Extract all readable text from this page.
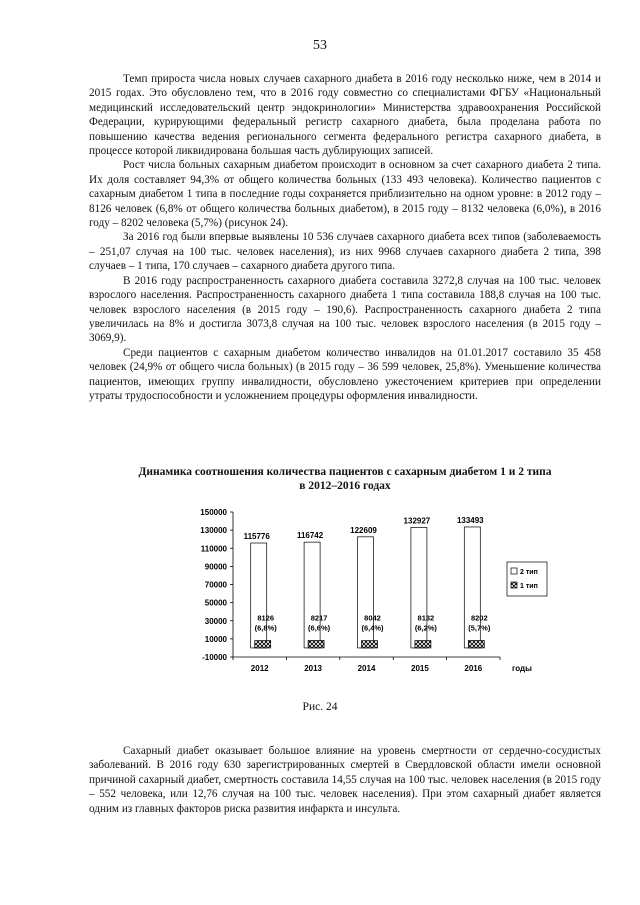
53

Темп прироста числа новых случаев сахарного диабета в 2016 году несколько ниже, чем в 2014 и 2015 годах. Это обусловлено тем, что в 2016 году совместно со специалистами ФГБУ «Национальный медицинский исследовательский центр эндокринологии» Министерства здравоохранения Российской Федерации, курирующими федеральный регистр сахарного диабета, была проделана работа по повышению качества ведения регионального сегмента федерального регистра сахарного диабета, в процессе которой ликвидирована большая часть дублирующих записей.

Рост числа больных сахарным диабетом происходит в основном за счет сахарного диабета 2 типа. Их доля составляет 94,3% от общего количества больных (133 493 человека). Количество пациентов с сахарным диабетом 1 типа в последние годы сохраняется приблизительно на одном уровне: в 2012 году – 8126 человек (6,8% от общего количества больных диабетом), в 2015 году – 8132 человека (6,0%), в 2016 году – 8202 человека (5,7%) (рисунок 24).

За 2016 год были впервые выявлены 10 536 случаев сахарного диабета всех типов (заболеваемость – 251,07 случая на 100 тыс. человек населения), из них 9968 случаев сахарного диабета 2 типа, 398 случаев – 1 типа, 170 случаев – сахарного диабета другого типа.

В 2016 году распространенность сахарного диабета составила 3272,8 случая на 100 тыс. человек взрослого населения. Распространенность сахарного диабета 1 типа составила 188,8 случая на 100 тыс. человек взрослого населения (в 2015 году – 190,6). Распространенность сахарного диабета 2 типа увеличилась на 8% и достигла 3073,8 случая на 100 тыс. человек взрослого населения (в 2015 году – 3069,9).

Среди пациентов с сахарным диабетом количество инвалидов на 01.01.2017 составило 35 458 человек (24,9% от общего числа больных) (в 2015 году – 36 599 человек, 25,8%). Уменьшение количества пациентов, имеющих группу инвалидности, обусловлено ужесточением критериев при определении утраты трудоспособности и усложнением процедуры оформления инвалидности.

Динамика соотношения количества пациентов с сахарным диабетом 1 и 2 типа
в 2012–2016 годах
-10000
10000
30000
50000
70000
90000
110000
130000
150000
115776
8126
(6,8%)
116742
8217
(6,6%)
122609
8042
(6,4%)
132927
8132
(6,2%)
133493
8202
(5,7%)
2012	2013	2014	2015	2016	годы
2 тип
1 тип
Рис. 24

Сахарный диабет оказывает большое влияние на уровень смертности от сердечно-сосудистых заболеваний. В 2016 году 630 зарегистрированных смертей в Свердловской области имели основной причиной сахарный диабет, смертность составила 14,55 случая на 100 тыс. человек населения (в 2015 году – 552 человека, или 12,76 случая на 100 тыс. человек населения). При этом сахарный диабет является одним из главных факторов риска развития инфаркта и инсульта.
